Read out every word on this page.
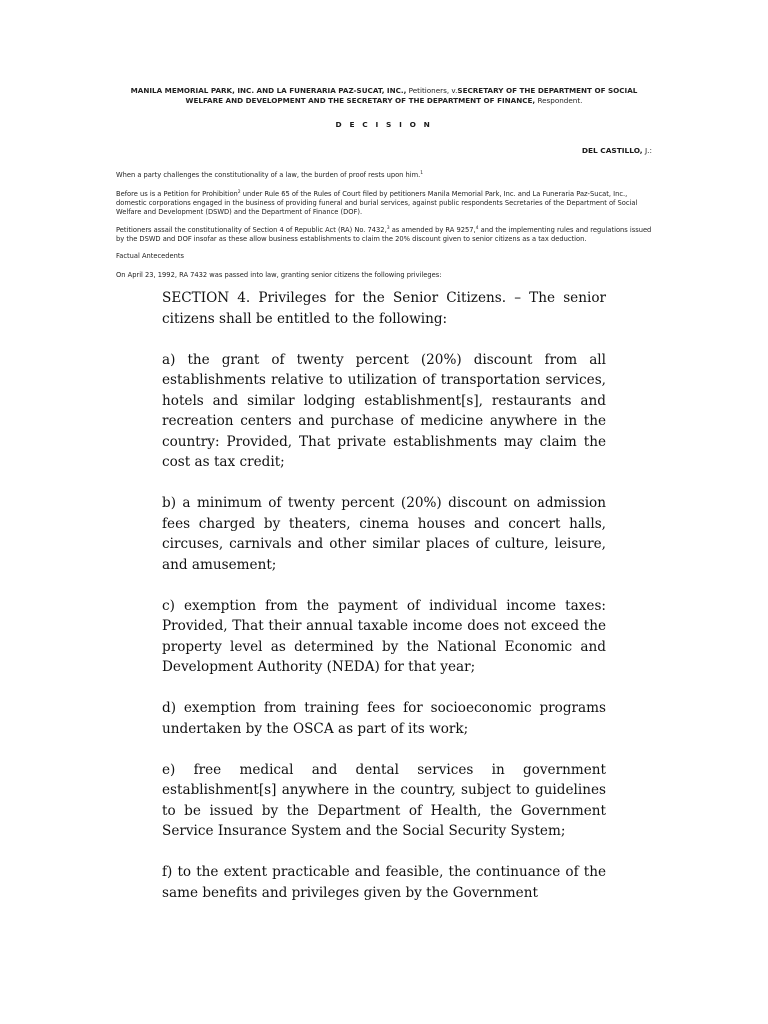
MANILA MEMORIAL PARK, INC. AND LA FUNERARIA PAZ-SUCAT, INC., Petitioners, v.SECRETARY OF THE DEPARTMENT OF SOCIAL WELFARE AND DEVELOPMENT AND THE SECRETARY OF THE DEPARTMENT OF FINANCE, Respondent.
D E C I S I O N
DEL CASTILLO, J.:
When a party challenges the constitutionality of a law, the burden of proof rests upon him.$^1$
Before us is a Petition for Prohibition$^2$ under Rule 65 of the Rules of Court filed by petitioners Manila Memorial Park, Inc. and La Funeraria Paz-Sucat, Inc., domestic corporations engaged in the business of providing funeral and burial services, against public respondents Secretaries of the Department of Social Welfare and Development (DSWD) and the Department of Finance (DOF).
Petitioners assail the constitutionality of Section 4 of Republic Act (RA) No. 7432,$^3$ as amended by RA 9257,$^4$ and the implementing rules and regulations issued by the DSWD and DOF insofar as these allow business establishments to claim the 20% discount given to senior citizens as a tax deduction.
Factual Antecedents
On April 23, 1992, RA 7432 was passed into law, granting senior citizens the following privileges:

SECTION 4. Privileges for the Senior Citizens. – The senior citizens shall be entitled to the following:

a) the grant of twenty percent (20%) discount from all establishments relative to utilization of transportation services, hotels and similar lodging establishment[s], restaurants and recreation centers and purchase of medicine anywhere in the country: Provided, That private establishments may claim the cost as tax credit;

b) a minimum of twenty percent (20%) discount on admission fees charged by theaters, cinema houses and concert halls, circuses, carnivals and other similar places of culture, leisure, and amusement;

c) exemption from the payment of individual income taxes: Provided, That their annual taxable income does not exceed the property level as determined by the National Economic and Development Authority (NEDA) for that year;

d) exemption from training fees for socioeconomic programs undertaken by the OSCA as part of its work;

e) free medical and dental services in government establishment[s] anywhere in the country, subject to guidelines to be issued by the Department of Health, the Government Service Insurance System and the Social Security System;

f) to the extent practicable and feasible, the continuance of the same benefits and privileges given by the Government
